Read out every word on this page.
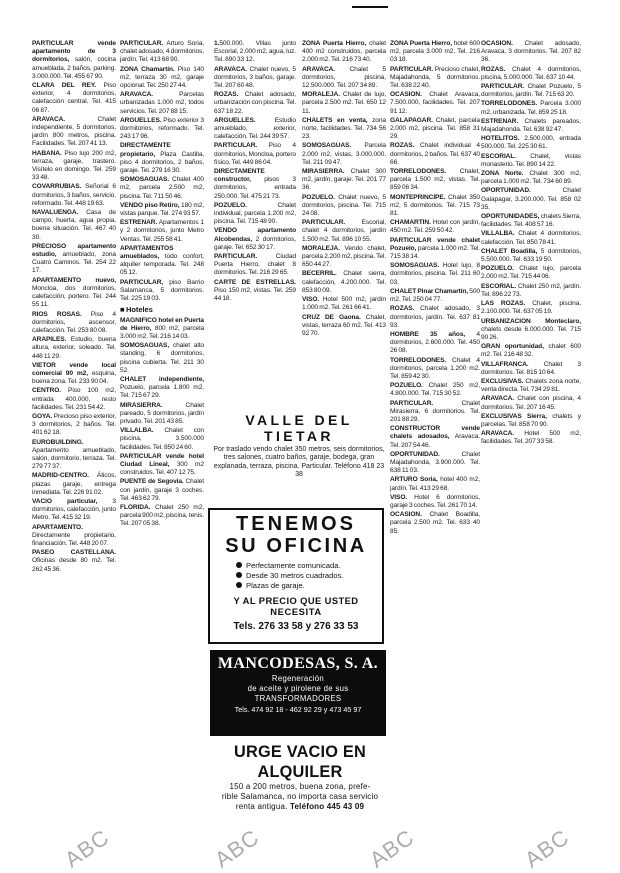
PARTICULAR vende apartamento de 3 dormitorios, salón, cocina amueblada, 2 baños, parking. 3.000.000. Tel. 455 67 90.

CLARA DEL REY. Piso exterior, 4 dormitorios, calefacción central. Tel. 415 06 87.

ARAVACA. Chalet independiente, 5 dormitorios, jardín 800 metros, piscina. Facilidades. Tel. 207 41 13.

HABANA. Piso lujo 200 m2, terraza, garaje, trastero. Visítelo en domingo. Tel. 259 33 48.

COVARRUBIAS. Señorial 6 dormitorios, 3 baños, servicio, reformado. Tel. 448 19 63.

NAVALUENGA. Casa de campo, huerta, agua propia, buena situación. Tel. 467 40 30.

PRECIOSO apartamento estudio, amueblado, zona Cuatro Caminos. Tel. 254 22 17.

APARTAMENTO nuevo, Moncloa, dos dormitorios, calefacción, portero. Tel. 244 55 11.

RIOS ROSAS. Piso 4 dormitorios, ascensor, calefacción. Tel. 253 80 08.

ARAPILES. Estudio, buena altura, exterior, soleado. Tel. 446 11 29.

VIETOR vende local comercial 90 m2, esquina, buena zona. Tel. 233 90 04.

CENTRO. Piso 100 m2, entrada 400.000, resto facilidades. Tel. 231 54 42.

GOYA. Precioso piso exterior, 3 dormitorios, 2 baños. Tel. 401 62 18.

EUROBUILDING. Apartamento amueblado, salón, dormitorio, terraza. Tel. 279 77 37.

MADRID-CENTRO. Áticos, plazas garaje, entrega inmediata. Tel. 226 91 02.

VACIO particular, 3 dormitorios, calefacción, junto Metro. Tel. 415 32 19.

APARTAMENTO. Directamente propietario, financiación. Tel. 448 20 07.

PASEO CASTELLANA. Oficinas desde 80 m2. Tel. 262 45 36.

PARTICULAR. Arturo Soria, chalet adosado, 4 dormitorios, jardín. Tel. 413 68 90.

ZONA Chamartín. Piso 140 m2, terraza 30 m2, garaje opcional. Tel. 250 27 44.

ARAVACA. Parcelas urbanizadas 1.000 m2, todos servicios. Tel. 207 88 15.

ARGUELLES. Piso exterior 3 dormitorios, reformado. Tel. 243 17 96.

DIRECTAMENTE propietario, Plaza Castilla, piso 4 dormitorios, 2 baños, garaje. Tel. 279 16 30.

SOMOSAGUAS. Chalet 400 m2, parcela 2.500 m2, piscina. Tel. 711 50 46.

VENDO piso Retiro, 180 m2, vistas parque. Tel. 274 93 57.

ESTRENAR. Apartamentos 1 y 2 dormitorios, junto Metro Ventas. Tel. 255 58 41.

APARTAMENTOS amueblados, todo confort, alquiler temporada. Tel. 248 05 12.

PARTICULAR, piso Barrio Salamanca, 5 dormitorios. Tel. 225 19 03.

■ Hoteles

MAGNIFICO hotel en Puerta de Hierro, 800 m2, parcela 3.000 m2. Tel. 216 14 03.

SOMOSAGUAS, chalet alto standing, 6 dormitorios, piscina cubierta. Tel. 211 30 52.

CHALET independiente, Pozuelo, parcela 1.800 m2. Tel. 715 67 29.

MIRASIERRA. Chalet pareado, 5 dormitorios, jardín privado. Tel. 201 43 85.

VILLALBA. Chalet con piscina, 3.500.000 facilidades. Tel. 850 24 60.

PARTICULAR vende hotel Ciudad Lineal, 300 m2 construidos. Tel. 407 12 75.

PUENTE de Segovia. Chalet con jardín, garaje 3 coches. Tel. 463 62 79.

FLORIDA. Chalet 250 m2, parcela 900 m2, piscina, tenis. Tel. 207 05 38.

1.500.000. Villas junto Escorial, 2.000 m2, agua, luz. Tel. 890 33 12.

ARAVACA. Chalet nuevo, 5 dormitorios, 3 baños, garaje. Tel. 207 60 48.

ROZAS. Chalet adosado, urbanización con piscina. Tel. 637 18 22.

ARGUELLES. Estudio amueblado, exterior, calefacción. Tel. 244 39 57.

PARTICULAR. Piso 4 dormitorios, Moncloa, portero físico. Tel. 449 86 04.

DIRECTAMENTE constructor, pisos 3 dormitorios, entrada 250.000. Tel. 475 21 73.

POZUELO. Chalet individual, parcela 1.200 m2, piscina. Tel. 715 48 90.

VENDO apartamento Alcobendas, 2 dormitorios, garaje. Tel. 652 30 17.

PARTICULAR. Ciudad Puerta Hierro, chalet 8 dormitorios. Tel. 216 29 65.

CARTE DE ESTRELLAS. Piso 150 m2, vistas. Tel. 259 44 18.

ZONA Puerta Hierro, chalet 400 m2 construidos, parcela 2.000 m2. Tel. 216 73 40.

ARAVACA. Chalet 5 dormitorios, piscina, 12.500.000. Tel. 207 34 89.

MORALEJA. Chalet de lujo, parcela 2.500 m2. Tel. 650 12 11.

CHALETS en venta, zona norte, facilidades. Tel. 734 56 23.

SOMOSAGUAS. Parcela 2.000 m2, vistas, 3.000.000. Tel. 211 09 47.

MIRASIERRA. Chalet 300 m2, jardín, garaje. Tel. 201 77 36.

POZUELO. Chalet nuevo, 5 dormitorios, piscina. Tel. 715 24 08.

PARTICULAR. Escorial, chalet 4 dormitorios, jardín 1.500 m2. Tel. 896 10 55.

MORALEJA. Vendo chalet, parcela 2.200 m2, piscina. Tel. 650 44 27.

BECERRIL. Chalet sierra, calefacción, 4.200.000. Tel. 853 80 09.

VISO. Hotel 500 m2, jardín 1.000 m2. Tel. 261 66 41.

CRUZ DE Gaona. Chalet, vistas, terraza 60 m2. Tel. 413 92 70.

ZONA Puerta Hierro, hotel 600 m2, parcela 3.000 m2. Tel. 216 03 18.

PARTICULAR. Precioso chalet, Majadahonda, 5 dormitorios. Tel. 638 22 40.

OCASION. Chalet Aravaca, 7.500.000, facilidades. Tel. 207 91 12.

GALAPAGAR. Chalet, parcela 2.000 m2, piscina. Tel. 858 31 29.

ROZAS. Chalet individual 4 dormitorios, 2 baños. Tel. 637 40 66.

TORRELODONES. Chalet, parcela 1.500 m2, vistas. Tel. 859 06 34.

MONTEPRINCIPE. Chalet 350 m2, 5 dormitorios. Tel. 715 73 81.

CHAMARTIN. Hotel con jardín, 450 m2. Tel. 259 50 42.

PARTICULAR vende chalet Pozuelo, parcela 1.000 m2. Tel. 715 38 14.

SOMOSAGUAS. Hotel lujo, 8 dormitorios, piscina. Tel. 211 60 03.

CHALET Pinar Chamartín, 500 m2. Tel. 250 04 77.

ROZAS. Chalet adosado, 3 dormitorios, jardín. Tel. 637 81 93.

HOMBRE 35 años, 4 dormitorios, 2.600.000. Tel. 450 26 08.

TORRELODONES. Chalet 4 dormitorios, parcela 1.200 m2. Tel. 859 42 30.

POZUELO. Chalet 250 m2, 4.800.000. Tel. 715 30 52.

PARTICULAR. Chalet Mirasierra, 6 dormitorios. Tel. 201 88 29.

CONSTRUCTOR vende chalets adosados, Aravaca. Tel. 207 54 46.

OPORTUNIDAD. Chalet Majadahonda, 3.900.000. Tel. 638 11 03.

ARTURO Soria, hotel 400 m2, jardín. Tel. 413 29 68.

VISO. Hotel 6 dormitorios, garaje 3 coches. Tel. 261 70 14.

OCASION. Chalet Boadilla, parcela 2.500 m2. Tel. 633 40 85.

OCASION. Chalet adosado, Aravaca, 3 dormitorios. Tel. 207 82 36.

ROZAS. Chalet 4 dormitorios, piscina, 5.000.000. Tel. 637 10 44.

PARTICULAR. Chalet Pozuelo, 5 dormitorios, jardín. Tel. 715 63 20.

TORRELODONES. Parcela 3.000 m2, urbanizada. Tel. 859 25 18.

ESTRENAR. Chalets pareados, Majadahonda. Tel. 638 92 47.

HOTELITOS. 2.500.000, entrada 500.000. Tel. 225 30 61.

ESCORIAL. Chalet, vistas monasterio. Tel. 890 14 22.

ZONA Norte. Chalet 300 m2, parcela 1.000 m2. Tel. 734 60 89.

OPORTUNIDAD. Chalet Galapagar, 3.200.000. Tel. 858 02 35.

OPORTUNIDADES, chalets Sierra, facilidades. Tel. 408 57 16.

VILLALBA. Chalet 4 dormitorios, calefacción. Tel. 850 78 41.

CHALET Boadilla, 5 dormitorios, 5.500.000. Tel. 633 19 50.

POZUELO. Chalet lujo, parcela 2.000 m2. Tel. 715 44 06.

ESCORIAL. Chalet 250 m2, jardín. Tel. 896 22 73.

LAS ROZAS. Chalet, piscina, 2.100.000. Tel. 637 05 19.

URBANIZACION Monteclaro, chalets desde 6.000.000. Tel. 715 90 26.

GRAN oportunidad, chalet 600 m2. Tel. 216 48 32.

VILLAFRANCA. Chalet 3 dormitorios. Tel. 815 10 64.

EXCLUSIVAS. Chalets zona norte, venta directa. Tel. 734 29 81.

ARAVACA. Chalet con piscina, 4 dormitorios. Tel. 207 16 45.

EXCLUSIVAS Sierra, chalets y parcelas. Tel. 858 70 90.

ARAVACA. Hotel 500 m2, facilidades. Tel. 207 33 58.

VALLE DEL TIETAR
Por traslado vendo chalet 350 metros, seis dormitorios, tres salones, cuatro baños, garaje, bodega, gran explanada, terraza, piscina. Particular. Teléfono 418 23 38
TENEMOS
SU OFICINA
Perfectamente comunicada.
Desde 30 metros cuadrados.
Plazas de garaje.
Y AL PRECIO QUE USTED
NECESITA
Tels. 276 33 58 y 276 33 53
MANCODESAS, S. A.
Regeneración
de aceite y pirolene de sus
TRANSFORMADORES
Tels. 474 92 18 - 462 92 29 y 473 45 97
URGE VACIO EN ALQUILER
150 a 200 metros, buena zona, prefe-
rible Salamanca, no importa casa servicio
renta antigua. Teléfono 445 43 09
ABC	ABC	ABC	ABC
